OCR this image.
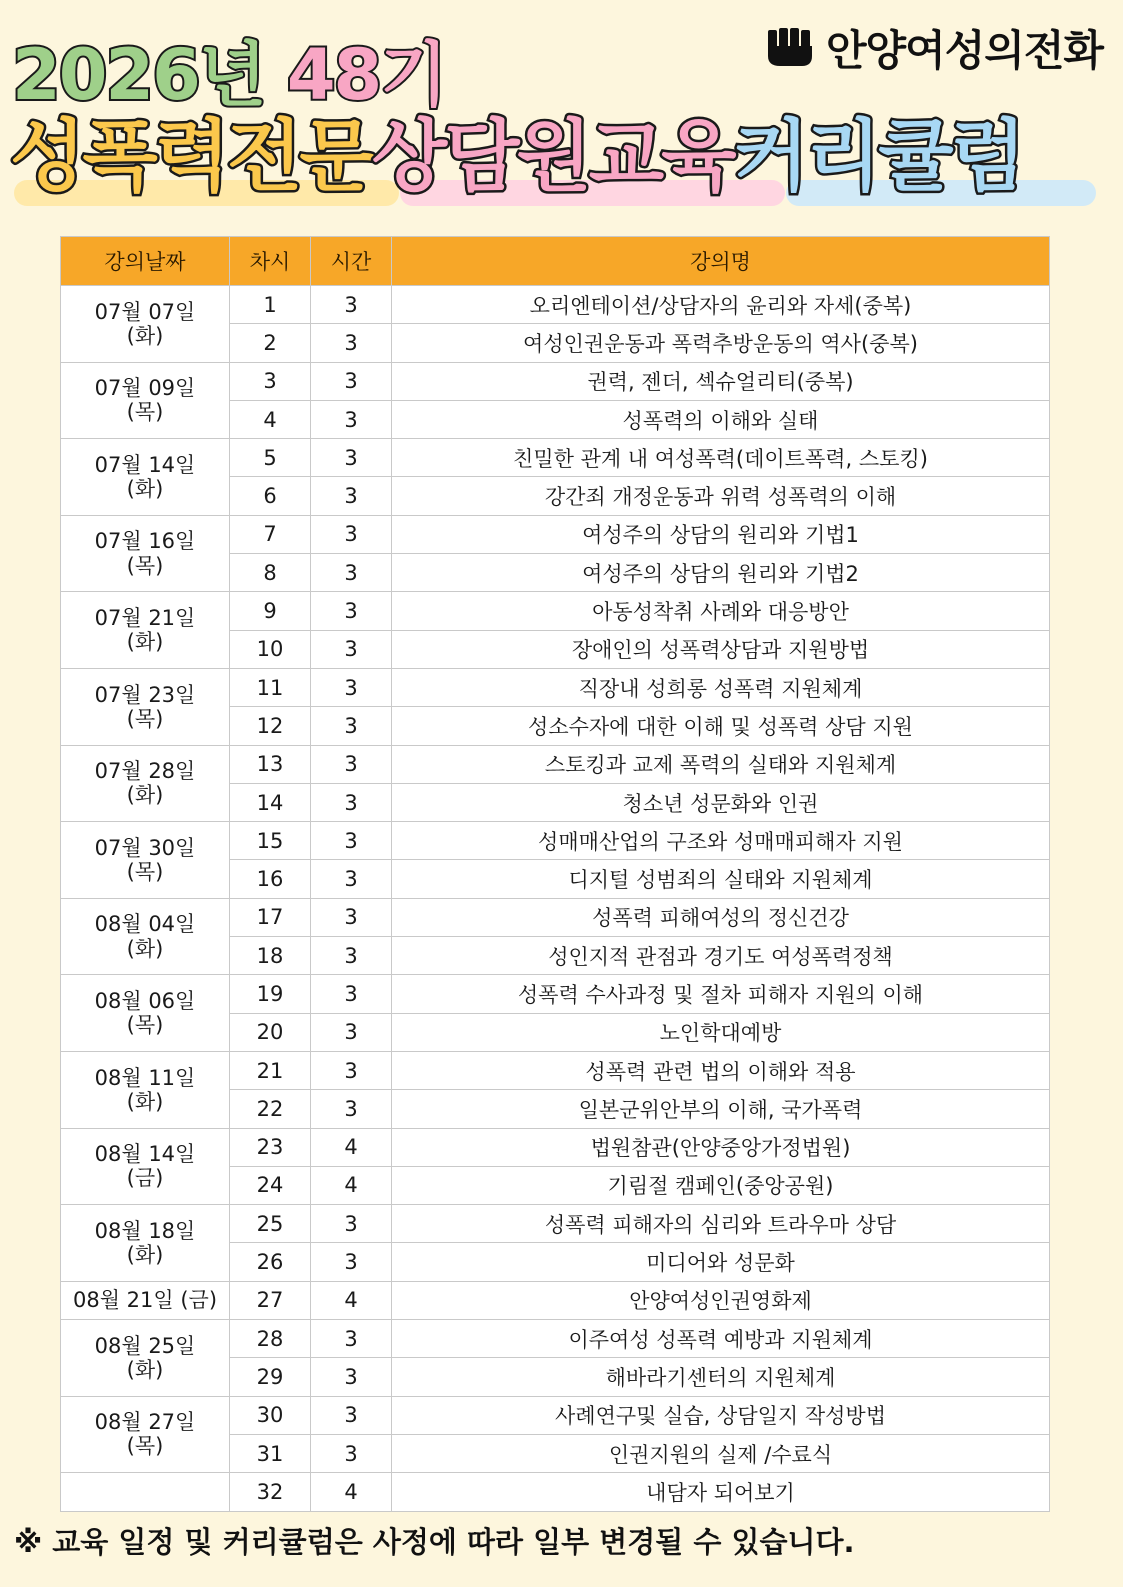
안양여성의전화
2026년 48기
성폭력전문상담원교육커리큘럼
강의날짜	차시	시간	강의명

07월 07일
(화)	1	3	오리엔테이션/상담자의 윤리와 자세(중복)
	2	3	여성인권운동과 폭력추방운동의 역사(중복)

07월 09일
(목)	3	3	권력, 젠더, 섹슈얼리티(중복)
	4	3	성폭력의 이해와 실태

07월 14일
(화)	5	3	친밀한 관계 내 여성폭력(데이트폭력, 스토킹)
	6	3	강간죄 개정운동과 위력 성폭력의 이해

07월 16일
(목)	7	3	여성주의 상담의 원리와 기법1
	8	3	여성주의 상담의 원리와 기법2

07월 21일
(화)	9	3	아동성착취 사례와 대응방안
	10	3	장애인의 성폭력상담과 지원방법

07월 23일
(목)	11	3	직장내 성희롱 성폭력 지원체계
	12	3	성소수자에 대한 이해 및 성폭력 상담 지원

07월 28일
(화)	13	3	스토킹과 교제 폭력의 실태와 지원체계
	14	3	청소년 성문화와 인권

07월 30일
(목)	15	3	성매매산업의 구조와 성매매피해자 지원
	16	3	디지털 성범죄의 실태와 지원체계

08월 04일
(화)	17	3	성폭력 피해여성의 정신건강
	18	3	성인지적 관점과 경기도 여성폭력정책

08월 06일
(목)	19	3	성폭력 수사과정 및 절차 피해자 지원의 이해
	20	3	노인학대예방

08월 11일
(화)	21	3	성폭력 관련 법의 이해와 적용
	22	3	일본군위안부의 이해, 국가폭력

08월 14일
(금)	23	4	법원참관(안양중앙가정법원)
	24	4	기림절 캠페인(중앙공원)

08월 18일
(화)	25	3	성폭력 피해자의 심리와 트라우마 상담
	26	3	미디어와 성문화

08월 21일 (금)	27	4	안양여성인권영화제

08월 25일
(화)	28	3	이주여성 성폭력 예방과 지원체계
	29	3	해바라기센터의 지원체계

08월 27일
(목)	30	3	사례연구및 실습, 상담일지 작성방법
	31	3	인권지원의 실제 /수료식

	32	4	내담자 되어보기
※ 교육 일정 및 커리큘럼은 사정에 따라 일부 변경될 수 있습니다.
